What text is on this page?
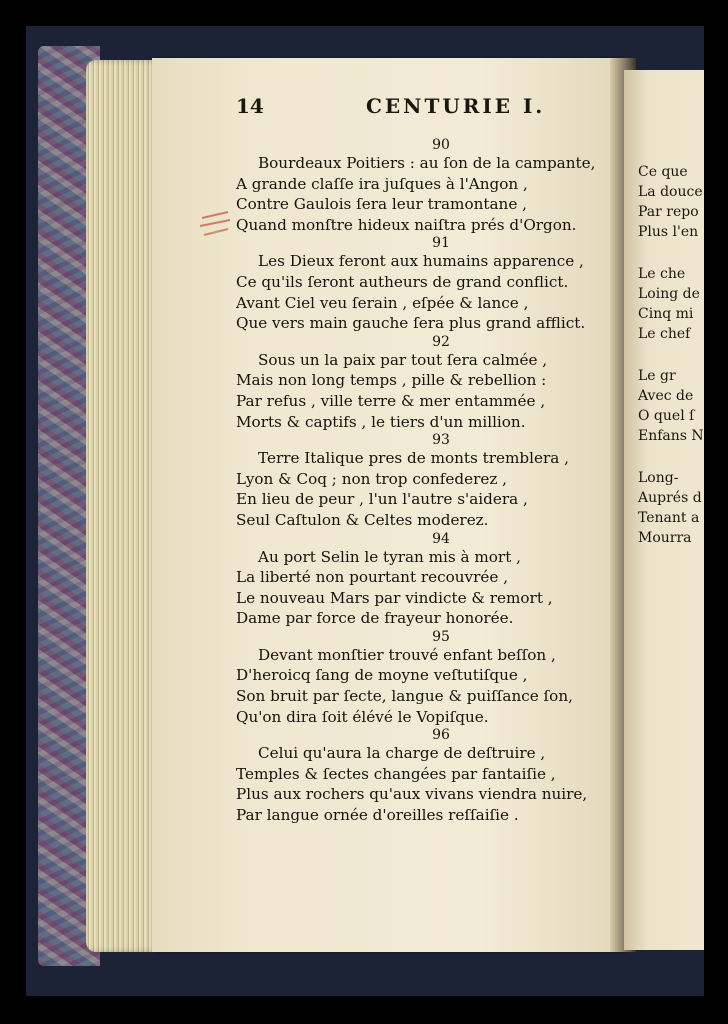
Ce que
La douce
Par repo
Plus l'en
Le che
Loing de
Cinq mi
Le chef
Le gr
Avec de
O quel ſ
Enfans N
Long-
Auprés d
Tenant a
Mourra
14	CENTURIE I.
90
Bourdeaux Poitiers : au ſon de la campante,
A grande claſſe ira juſques à l'Angon ,
Contre Gaulois ſera leur tramontane ,
Quand monſtre hideux naiſtra prés d'Orgon.
91
Les Dieux feront aux humains apparence ,
Ce qu'ils ſeront autheurs de grand conflict.
Avant Ciel veu ſerain , eſpée & lance ,
Que vers main gauche ſera plus grand afflict.
92
Sous un la paix par tout ſera calmée ,
Mais non long temps , pille & rebellion :
Par refus , ville terre & mer entammée ,
Morts & captifs , le tiers d'un million.
93
Terre Italique pres de monts tremblera ,
Lyon & Coq ; non trop confederez ,
En lieu de peur , l'un l'autre s'aidera ,
Seul Caſtulon & Celtes moderez.
94
Au port Selin le tyran mis à mort ,
La liberté non pourtant recouvrée ,
Le nouveau Mars par vindicte & remort ,
Dame par force de frayeur honorée.
95
Devant monſtier trouvé enfant beſſon ,
D'heroicq ſang de moyne veſtutiſque ,
Son bruit par ſecte, langue & puiſſance ſon,
Qu'on dira ſoit élévé le Vopiſque.
96
Celui qu'aura la charge de deſtruire ,
Temples & ſectes changées par fantaiſie ,
Plus aux rochers qu'aux vivans viendra nuire,
Par langue ornée d'oreilles reſſaiſie .
